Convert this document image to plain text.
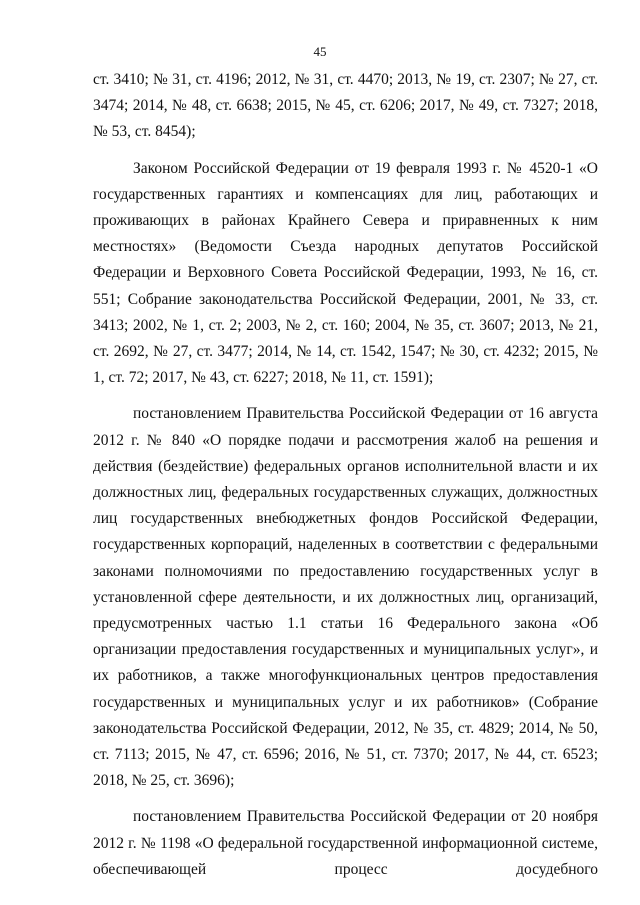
45

ст. 3410; № 31, ст. 4196; 2012, № 31, ст. 4470; 2013, № 19, ст. 2307; № 27, ст. 3474; 2014, № 48, ст. 6638; 2015, № 45, ст. 6206; 2017, № 49, ст. 7327; 2018, № 53, ст. 8454);

Законом Российской Федерации от 19 февраля 1993 г. № 4520-1 «О государственных гарантиях и компенсациях для лиц, работающих и проживающих в районах Крайнего Севера и приравненных к ним местностях» (Ведомости Съезда народных депутатов Российской Федерации и Верховного Совета Российской Федерации, 1993, № 16, ст. 551; Собрание законодательства Российской Федерации, 2001, № 33, ст. 3413; 2002, № 1, ст. 2; 2003, № 2, ст. 160; 2004, № 35, ст. 3607; 2013, № 21, ст. 2692, № 27, ст. 3477; 2014, № 14, ст. 1542, 1547; № 30, ст. 4232; 2015, № 1, ст. 72; 2017, № 43, ст. 6227; 2018, № 11, ст. 1591);

постановлением Правительства Российской Федерации от 16 августа 2012 г. № 840 «О порядке подачи и рассмотрения жалоб на решения и действия (бездействие) федеральных органов исполнительной власти и их должностных лиц, федеральных государственных служащих, должностных лиц государственных внебюджетных фондов Российской Федерации, государственных корпораций, наделенных в соответствии с федеральными законами полномочиями по предоставлению государственных услуг в установленной сфере деятельности, и их должностных лиц, организаций, предусмотренных частью 1.1 статьи 16 Федерального закона «Об организации предоставления государственных и муниципальных услуг», и их работников, а также многофункциональных центров предоставления государственных и муниципальных услуг и их работников» (Собрание законодательства Российской Федерации, 2012, № 35, ст. 4829; 2014, № 50, ст. 7113; 2015, № 47, ст. 6596; 2016, № 51, ст. 7370; 2017, № 44, ст. 6523; 2018, № 25, ст. 3696);

постановлением Правительства Российской Федерации от 20 ноября 2012 г. № 1198 «О федеральной государственной информационной системе, обеспечивающей процесс досудебного
